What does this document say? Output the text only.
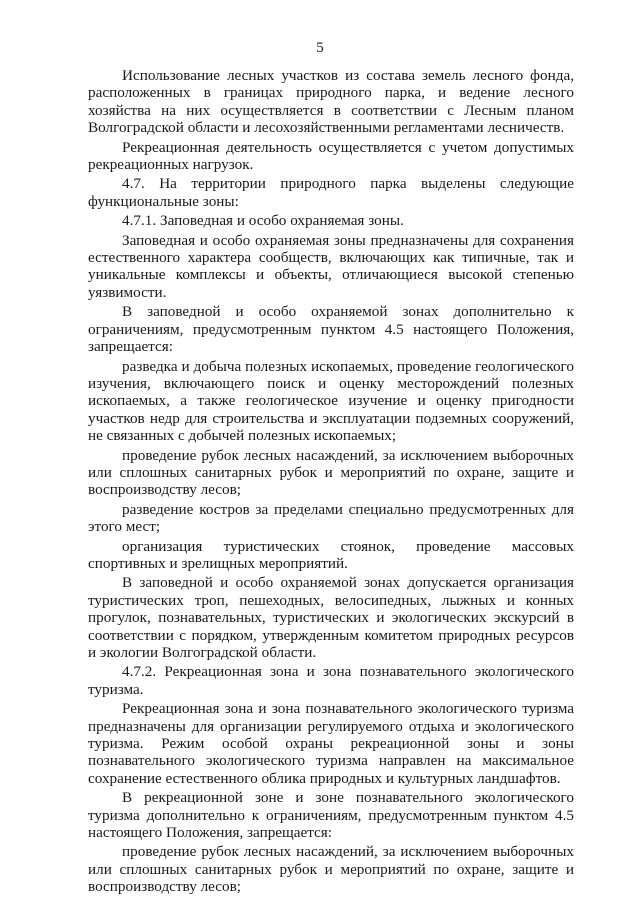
5

Использование лесных участков из состава земель лесного фонда, расположенных в границах природного парка, и ведение лесного хозяйства на них осуществляется в соответствии с Лесным планом Волгоградской области и лесохозяйственными регламентами лесничеств.

Рекреационная деятельность осуществляется с учетом допустимых рекреационных нагрузок.

4.7. На территории природного парка выделены следующие функциональные зоны:

4.7.1. Заповедная и особо охраняемая зоны.

Заповедная и особо охраняемая зоны предназначены для сохранения естественного характера сообществ, включающих как типичные, так и уникальные комплексы и объекты, отличающиеся высокой степенью уязвимости.

В заповедной и особо охраняемой зонах дополнительно к ограничениям, предусмотренным пунктом 4.5 настоящего Положения, запрещается:

разведка и добыча полезных ископаемых, проведение геологического изучения, включающего поиск и оценку месторождений полезных ископаемых, а также геологическое изучение и оценку пригодности участков недр для строительства и эксплуатации подземных сооружений, не связанных с добычей полезных ископаемых;

проведение рубок лесных насаждений, за исключением выборочных или сплошных санитарных рубок и мероприятий по охране, защите и воспроизводству лесов;

разведение костров за пределами специально предусмотренных для этого мест;

организация туристических стоянок, проведение массовых спортивных и зрелищных мероприятий.

В заповедной и особо охраняемой зонах допускается организация туристических троп, пешеходных, велосипедных, лыжных и конных прогулок, познавательных, туристических и экологических экскурсий в соответствии с порядком, утвержденным комитетом природных ресурсов и экологии Волгоградской области.

4.7.2. Рекреационная зона и зона познавательного экологического туризма.

Рекреационная зона и зона познавательного экологического туризма предназначены для организации регулируемого отдыха и экологического туризма. Режим особой охраны рекреационной зоны и зоны познавательного экологического туризма направлен на максимальное сохранение естественного облика природных и культурных ландшафтов.

В рекреационной зоне и зоне познавательного экологического туризма дополнительно к ограничениям, предусмотренным пунктом 4.5 настоящего Положения, запрещается:

проведение рубок лесных насаждений, за исключением выборочных или сплошных санитарных рубок и мероприятий по охране, защите и воспроизводству лесов;
